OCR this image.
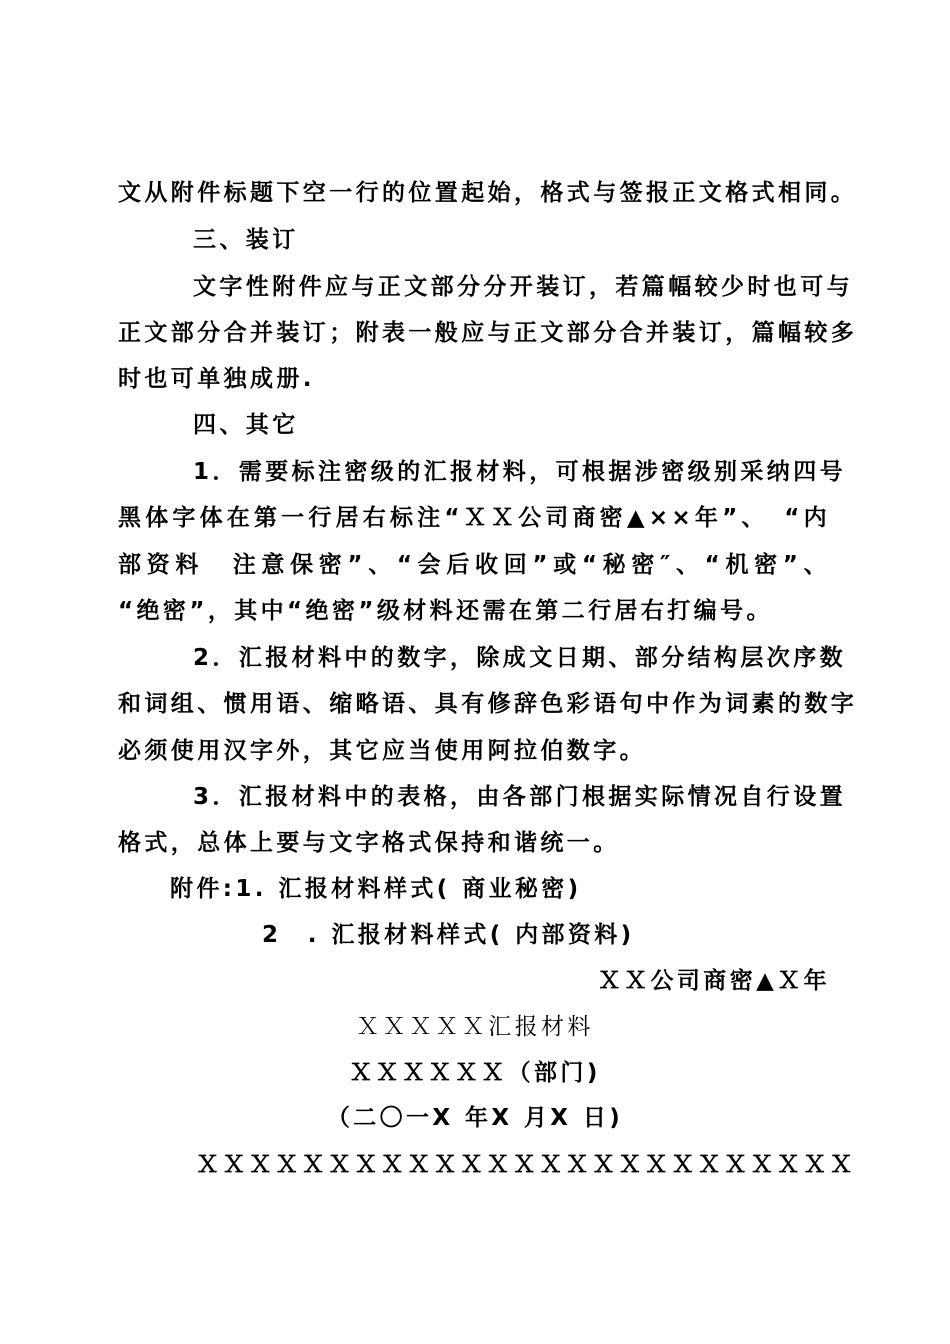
文从附件标题下空一行的位置起始，格式与签报正文格式相同。
三、装订
文字性附件应与正文部分分开装订，若篇幅较少时也可与
正文部分合并装订；附表一般应与正文部分合并装订，篇幅较多
时也可单独成册.
四、其它
1．需要标注密级的汇报材料，可根据涉密级别采纳四号
黑体字体在第一行居右标注“ＸＸ公司商密▲××年”、　“内
部资料　注意保密”、“会后收回”或“秘密″、“机密”、
“绝密”，其中“绝密”级材料还需在第二行居右打编号。
2．汇报材料中的数字，除成文日期、部分结构层次序数
和词组、惯用语、缩略语、具有修辞色彩语句中作为词素的数字
必须使用汉字外，其它应当使用阿拉伯数字。
3．汇报材料中的表格，由各部门根据实际情况自行设置
格式，总体上要与文字格式保持和谐统一。
附件:1. 汇报材料样式( 商业秘密)
2　. 汇报材料样式( 内部资料)
ＸＸ公司商密▲Ｘ年
ＸＸＸＸＸ汇报材料
ＸＸＸＸＸＸ（部门)
（二〇一X 年X 月X 日)
ＸＸＸＸＸＸＸＸＸＸＸＸＸＸＸＸＸＸＸＸＸＸＸＸＸ
